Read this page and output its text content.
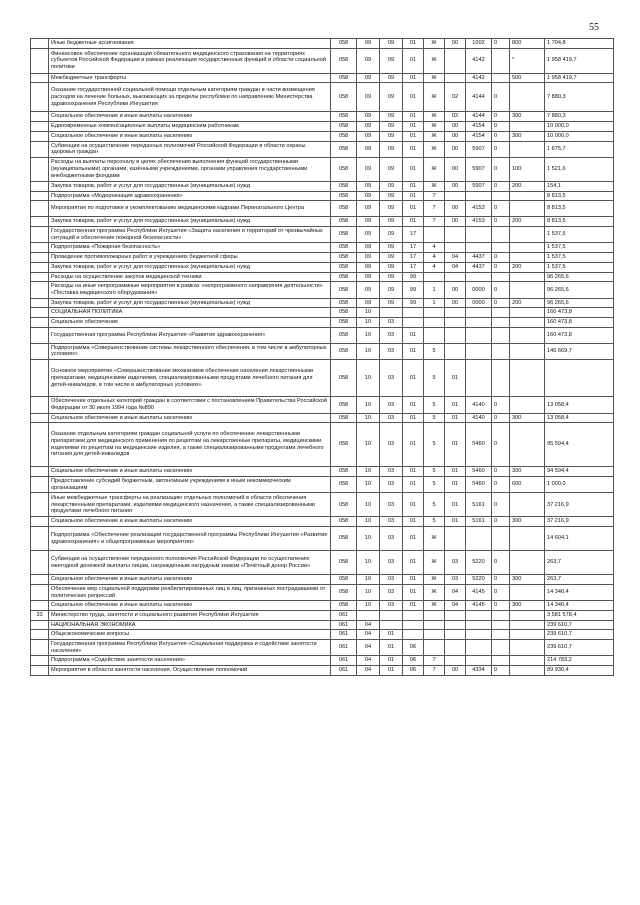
55
	Иные бюджетные ассигнования	058	09	09	01	Ж	00	1002	0	800	1 704,8
	Финансовое обеспечение организации обязательного медицинского страхования на территориях субъектов Российской Федерации в рамках реализации государственных функций в области социальной политики	058	09	09	01	Ж		4142		*	1 958 419,7
	Межбюджетные трансферты	058	09	09	01	Ж		4142		500	1 958 419,7
	Оказание государственной социальной помощи отдельным категориям граждан в части возмещения расходов на лечение больных, выезжающих за пределы республики по направлению Министерства здравоохранения Республики Ингушетия	058	09	09	01	Ж	02	4144	0		7 880,3
	Социальное обеспечение и иные выплаты населению	058	09	09	01	Ж	02	4144	0	300	7 880,3
	Единовременные компенсационные выплаты медицинским работникам	058	09	09	01	Ж	00	4154	0		10 000,0
	Социальное обеспечение и иные выплаты населению	058	09	09	01	Ж	00	4154	0	300	10 000,0
	Субвенции на осуществление переданных полномочий Российской Федерации в области охраны здоровья граждан	058	09	09	01	Ж	00	5907	0		1 675,7
	Расходы на выплаты персоналу в целях обеспечения выполнения функций государственными (муниципальными) органами, казёнными учреждениями, органами управления государственными внебюджетными фондами	058	09	09	01	Ж	00	5907	0	100	1 521,6
	Закупка товаров, работ и услуг для государственных (муниципальных) нужд	058	09	09	01	Ж	00	5907	0	200	154,1
	Подпрограмма «Модернизация здравоохранения»	058	09	09	01	7					8 813,5
	Мероприятия по подготовке и укомплектованию медицинскими кадрами Перинатального Центра	058	09	09	01	7	00	4153	0		8 813,5
	Закупка товаров, работ и услуг для государственных (муниципальных) нужд	058	09	09	01	7	00	4153	0	200	8 813,5
	Государственная программа Республики Ингушетия «Защита населения и территорий от чрезвычайных ситуаций и обеспечение пожарной безопасности»	058	09	09	17						1 537,5
	Подпрограмма «Пожарная безопасность»	058	09	09	17	4					1 537,5
	Проведение противопожарных работ в учреждениях бюджетной сферы	058	09	09	17	4	04	4437	0		1 537,5
	Закупка товаров, работ и услуг для государственных (муниципальных) нужд	058	09	09	17	4	04	4437	0	200	1 537,5
	Расходы на осуществление закупок медицинской техники	058	09	09	99						96 265,6
	Расходы на иные непрограммные мероприятия в рамках «непрограммного направления деятельности» «Поставка медицинского оборудования»	058	09	09	99	1	00	0000	0		96 265,6
	Закупка товаров, работ и услуг для государственных (муниципальных) нужд	058	09	09	99	1	00	0000	0	200	96 265,6
	СОЦИАЛЬНАЯ ПОЛИТИКА	058	10								160 473,8
	Социальное обеспечение	058	10	03							160 473,8
	Государственная программа Республики Ингушетия «Развитие здравоохранения»	058	10	03	01						160 473,8
	Подпрограмма «Совершенствование системы лекарственного обеспечения, в том числе в амбулаторных условиях»	058	10	03	01	5					146 669,7
	Основное мероприятие «Совершенствование механизмов обеспечения населения лекарственными препаратами, медицинскими изделиями, специализированными продуктами лечебного питания для детей-инвалидов, в том числе в амбулаторных условиях»	058	10	03	01	5	01				
	Обеспечение отдельных категорий граждан в соответствии с постановлением Правительства Российской Федерации от 30 июля 1994 года №890	058	10	03	01	5	01	4140	0		13 058,4
	Социальное обеспечение и иные выплаты населению	058	10	03	01	5	01	4140	0	300	13 058,4
	Оказание отдельным категориям граждан социальной услуги по обеспечению лекарственными препаратами для медицинского применения по рецептам на лекарственные препараты, медицинскими изделиями по рецептам на медицинские изделия, а также специализированными продуктами лечебного питания для детей-инвалидов	058	10	03	01	5	01	5460	0		95 594,4
	Социальное обеспечение и иные выплаты населению	058	10	03	01	5	01	5460	0	300	94 594,4
	Предоставление субсидий бюджетным, автономным учреждениям и иным некоммерческим организациям	058	10	03	01	5	01	5460	0	600	1 000,0
	Иные межбюджетные трансферты на реализацию отдельных полномочий в области обеспечения лекарственными препаратами, изделиями медицинского назначения, а также специализированными продуктами лечебного питания	058	10	03	01	5	01	5161	0		37 216,9
	Социальное обеспечение и иные выплаты населению	058	10	03	01	5	01	5161	0	300	37 216,9
	Подпрограмма «Обеспечение реализации государственной программы Республики Ингушетия «Развитие здравоохранения» и общепрограммные мероприятия»	058	10	03	01	Ж					14 604,1
	Субвенции на осуществление переданного полномочия Российской Федерации по осуществлению ежегодной денежной выплаты лицам, награждённым нагрудным знаком «Почётный донор России»	058	10	03	01	Ж	03	5220	0		263,7
	Социальное обеспечение и иные выплаты населению	058	10	03	01	Ж	03	5220	0	300	263,7
	Обеспечение мер социальной поддержки реабилитированных лиц и лиц, признанных пострадавшими от политических репрессий	058	10	03	01	Ж	04	4145	0		14 340,4
	Социальное обеспечение и иные выплаты населению	058	10	03	01	Ж	04	4145	0	300	14 340,4
33	Министерство труда, занятости и социального развития Республики Ингушетия	061									3 581 578,4
	НАЦИОНАЛЬНАЯ ЭКОНОМИКА	061	04								239 610,7
	Общеэкономические вопросы	061	04	01							239 610,7
	Государственная программа Республики Ингушетия «Социальная поддержка и содействие занятости населения»	061	04	01	06						239 610,7
	Подпрограмма «Содействие занятости населения»	061	04	01	06	7					214 783,2
	Мероприятия в области занятости населения. Осуществление полномочий	061	04	01	06	7	00	4334	0		89 930,4
